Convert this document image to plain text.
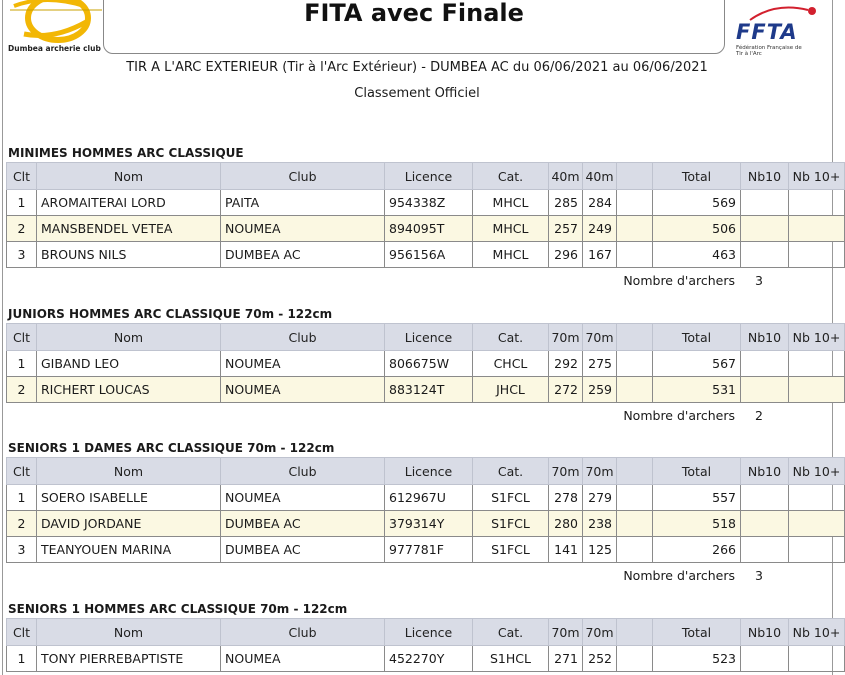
Dumbea archerie club
FITA avec Finale
FFTA
Fédération Française de Tir à l'Arc
TIR A L'ARC EXTERIEUR (Tir à l'Arc Extérieur) - DUMBEA AC du 06/06/2021 au 06/06/2021
Classement Officiel
MINIMES HOMMES ARC CLASSIQUE
Clt	Nom	Club	Licence	Cat.	40m	40m		Total	Nb10	Nb 10+
1	AROMAITERAI LORD	PAITA	954338Z	MHCL	285	284		569		
2	MANSBENDEL VETEA	NOUMEA	894095T	MHCL	257	249		506		
3	BROUNS NILS	DUMBEA AC	956156A	MHCL	296	167		463		
Nombre d'archers 3
JUNIORS HOMMES ARC CLASSIQUE 70m - 122cm
Clt	Nom	Club	Licence	Cat.	70m	70m		Total	Nb10	Nb 10+
1	GIBAND LEO	NOUMEA	806675W	CHCL	292	275		567		
2	RICHERT LOUCAS	NOUMEA	883124T	JHCL	272	259		531		
Nombre d'archers 2
SENIORS 1 DAMES ARC CLASSIQUE 70m - 122cm
Clt	Nom	Club	Licence	Cat.	70m	70m		Total	Nb10	Nb 10+
1	SOERO ISABELLE	NOUMEA	612967U	S1FCL	278	279		557		
2	DAVID JORDANE	DUMBEA AC	379314Y	S1FCL	280	238		518		
3	TEANYOUEN MARINA	DUMBEA AC	977781F	S1FCL	141	125		266		
Nombre d'archers 3
SENIORS 1 HOMMES ARC CLASSIQUE 70m - 122cm
Clt	Nom	Club	Licence	Cat.	70m	70m		Total	Nb10	Nb 10+
1	TONY PIERREBAPTISTE	NOUMEA	452270Y	S1HCL	271	252		523		
